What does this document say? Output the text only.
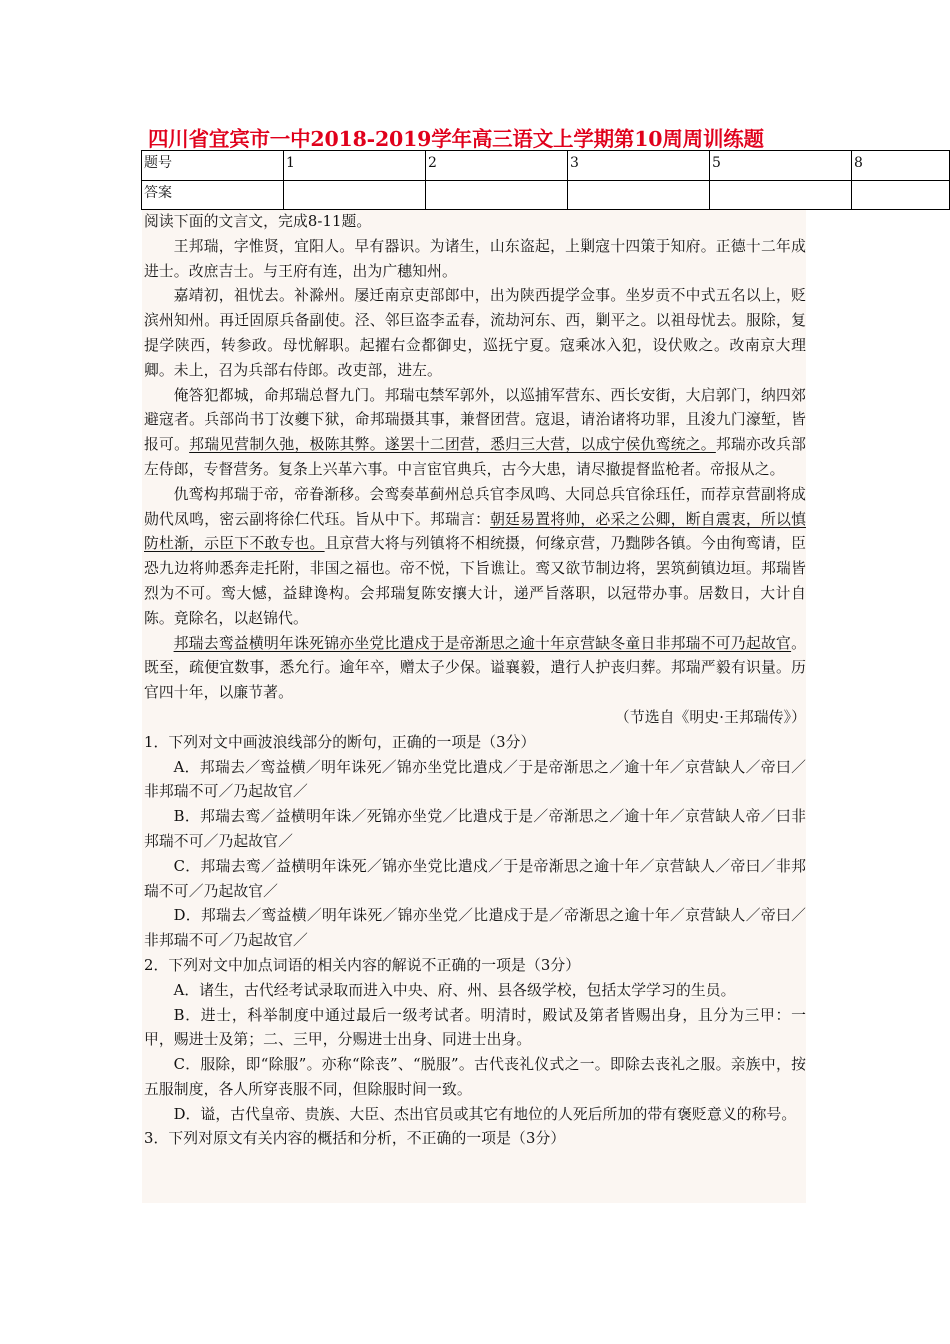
四川省宜宾市一中2018-2019学年高三语文上学期第10周周训练题
题号	1	2	3	5	8
答案					

阅读下面的文言文，完成8-11题。

王邦瑞，字惟贤，宜阳人。早有器识。为诸生，山东盗起，上剿寇十四策于知府。正德十二年成进士。改庶吉士。与王府有连，出为广穗知州。

嘉靖初，祖忧去。补滁州。屡迁南京吏部郎中，出为陕西提学佥事。坐岁贡不中式五名以上，贬滨州知州。再迁固原兵备副使。泾、邻巨盗李孟春，流劫河东、西，剿平之。以祖母忧去。服除，复提学陕西，转参政。母忧解职。起擢右佥都御史，巡抚宁夏。寇乘冰入犯，设伏败之。改南京大理卿。未上，召为兵部右侍郎。改吏部，进左。

俺答犯都城，命邦瑞总督九门。邦瑞屯禁军郭外，以巡捕军营东、西长安街，大启郭门，纳四郊避寇者。兵部尚书丁汝夔下狱，命邦瑞摄其事，兼督团营。寇退，请治诸将功罪，且浚九门濠堑，皆报可。邦瑞见营制久弛，极陈其弊。遂罢十二团营，悉归三大营，以成宁侯仇鸾统之。邦瑞亦改兵部左侍郎，专督营务。复条上兴革六事。中言宦官典兵，古今大患，请尽撤提督监枪者。帝报从之。

仇鸾构邦瑞于帝，帝眷渐移。会鸾奏革蓟州总兵官李凤鸣、大同总兵官徐珏任，而荐京营副将成勋代凤鸣，密云副将徐仁代珏。旨从中下。邦瑞言：朝廷易置将帅，必采之公卿，断自震衷，所以慎防杜渐，示臣下不敢专也。且京营大将与列镇将不相统摄，何缘京营，乃黜陟各镇。今由徇鸾请，臣恐九边将帅悉奔走托附，非国之福也。帝不悦，下旨谯让。鸾又欲节制边将，罢筑蓟镇边垣。邦瑞皆烈为不可。鸾大憾，益肆谗构。会邦瑞复陈安攘大计，递严旨落职，以冠带办事。居数日，大计自陈。竟除名，以赵锦代。

邦瑞去鸾益横明年诛死锦亦坐党比遣戍于是帝渐思之逾十年京营缺冬童日非邦瑞不可乃起故官。既至，疏便宜数事，悉允行。逾年卒，赠太子少保。谥襄毅，遣行人护丧归葬。邦瑞严毅有识量。历官四十年，以廉节著。

（节选自《明史·王邦瑞传》）

1．下列对文中画波浪线部分的断句，正确的一项是（3分）

A．邦瑞去／鸾益横／明年诛死／锦亦坐党比遣戍／于是帝渐思之／逾十年／京营缺人／帝曰／非邦瑞不可／乃起故官／

B．邦瑞去鸾／益横明年诛／死锦亦坐党／比遣戍于是／帝渐思之／逾十年／京营缺人帝／曰非邦瑞不可／乃起故官／

C．邦瑞去鸾／益横明年诛死／锦亦坐党比遣戍／于是帝渐思之逾十年／京营缺人／帝曰／非邦瑞不可／乃起故官／

D．邦瑞去／鸾益横／明年诛死／锦亦坐党／比遣戍于是／帝渐思之逾十年／京营缺人／帝曰／非邦瑞不可／乃起故官／

2．下列对文中加点词语的相关内容的解说不正确的一项是（3分）

A．诸生，古代经考试录取而进入中央、府、州、县各级学校，包括太学学习的生员。

B．进士，科举制度中通过最后一级考试者。明清时，殿试及第者皆赐出身，且分为三甲：一甲，赐进士及第；二、三甲，分赐进士出身、同进士出身。

C．服除，即“除服”。亦称“除丧”、“脱服”。古代丧礼仪式之一。即除去丧礼之服。亲族中，按五服制度，各人所穿丧服不同，但除服时间一致。

D．谥，古代皇帝、贵族、大臣、杰出官员或其它有地位的人死后所加的带有褒贬意义的称号。

3．下列对原文有关内容的概括和分析，不正确的一项是（3分）
